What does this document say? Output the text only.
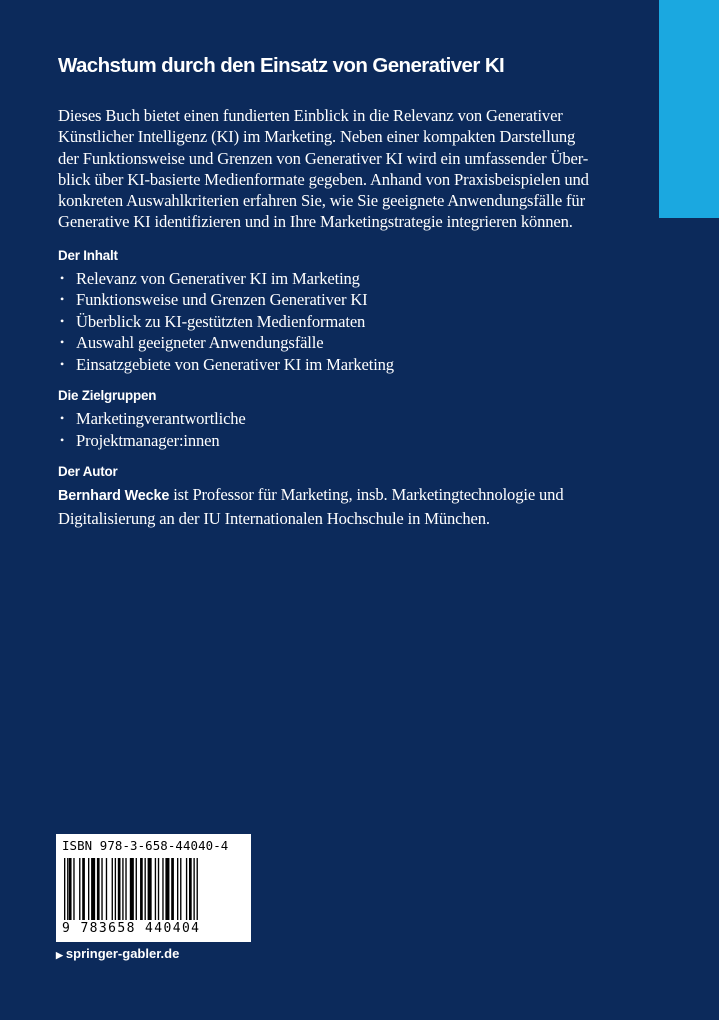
Wachstum durch den Einsatz von Generativer KI

Dieses Buch bietet einen fundierten Einblick in die Relevanz von Generativer
Künstlicher Intelligenz (KI) im Marketing. Neben einer kompakten Darstellung
der Funktionsweise und Grenzen von Generativer KI wird ein umfassender Über-
blick über KI-basierte Medienformate gegeben. Anhand von Praxisbeispielen und
konkreten Auswahlkriterien erfahren Sie, wie Sie geeignete Anwendungsfälle für
Generative KI identifizieren und in Ihre Marketingstrategie integrieren können.

Der Inhalt
• Relevanz von Generativer KI im Marketing
• Funktionsweise und Grenzen Generativer KI
• Überblick zu KI-gestützten Medienformaten
• Auswahl geeigneter Anwendungsfälle
• Einsatzgebiete von Generativer KI im Marketing
Die Zielgruppen
• Marketingverantwortliche
• Projektmanager:innen
Der Autor

Bernhard Wecke ist Professor für Marketing, insb. Marketingtechnologie und
Digitalisierung an der IU Internationalen Hochschule in München.

ISBN 978-3-658-44040-4
9 783658 440404
▶ springer-gabler.de
